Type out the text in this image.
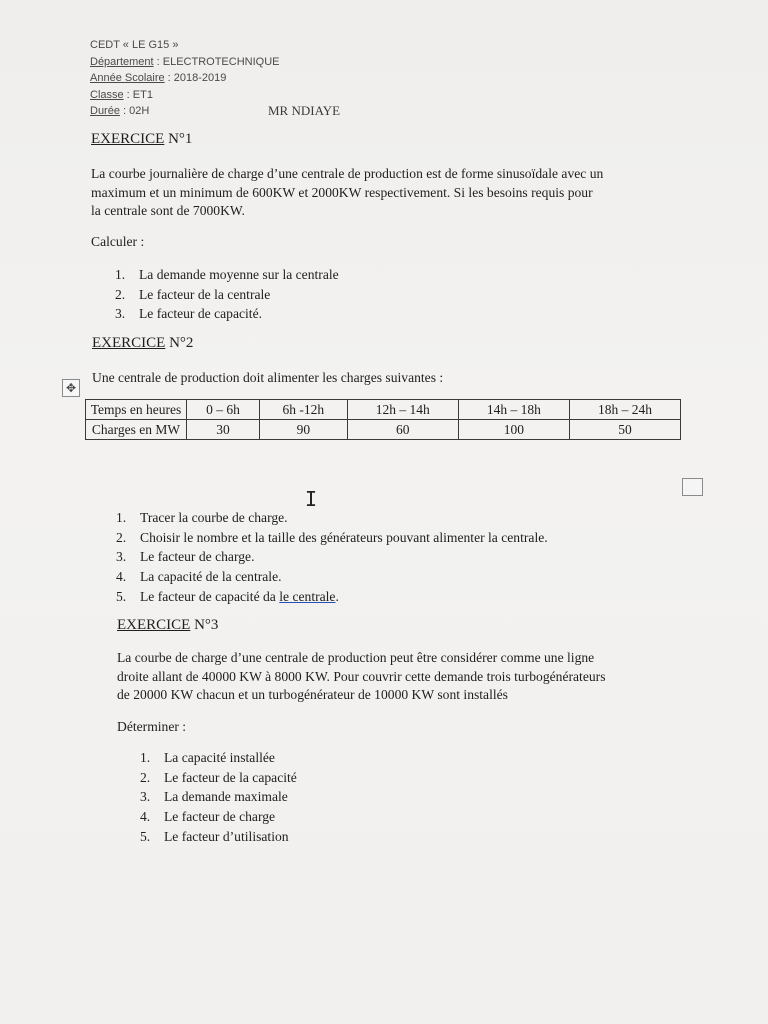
CEDT « LE G15 »
Département : ELECTROTECHNIQUE
Année Scolaire : 2018-2019
Classe : ET1
Durée : 02H	MR NDIAYE
EXERCICE N°1
La courbe journalière de charge d’une centrale de production est de forme sinusoïdale avec un
maximum et un minimum de 600KW et 2000KW respectivement. Si les besoins requis pour
la centrale sont de 7000KW.
Calculer :
1. La demande moyenne sur la centrale
2. Le facteur de la centrale
3. Le facteur de capacité.
EXERCICE N°2
Une centrale de production doit alimenter les charges suivantes :
✥
Temps en heures	0 – 6h	6h -12h	12h – 14h	14h – 18h	18h – 24h
Charges en MW	30	90	60	100	50
I
1. Tracer la courbe de charge.
2. Choisir le nombre et la taille des générateurs pouvant alimenter la centrale.
3. Le facteur de charge.
4. La capacité de la centrale.
5. Le facteur de capacité da le centrale.
EXERCICE N°3
La courbe de charge d’une centrale de production peut être considérer comme une ligne
droite allant de 40000 KW à 8000 KW. Pour couvrir cette demande trois turbogénérateurs
de 20000 KW chacun et un turbogénérateur de 10000 KW sont installés
Déterminer :
1. La capacité installée
2. Le facteur de la capacité
3. La demande maximale
4. Le facteur de charge
5. Le facteur d’utilisation
